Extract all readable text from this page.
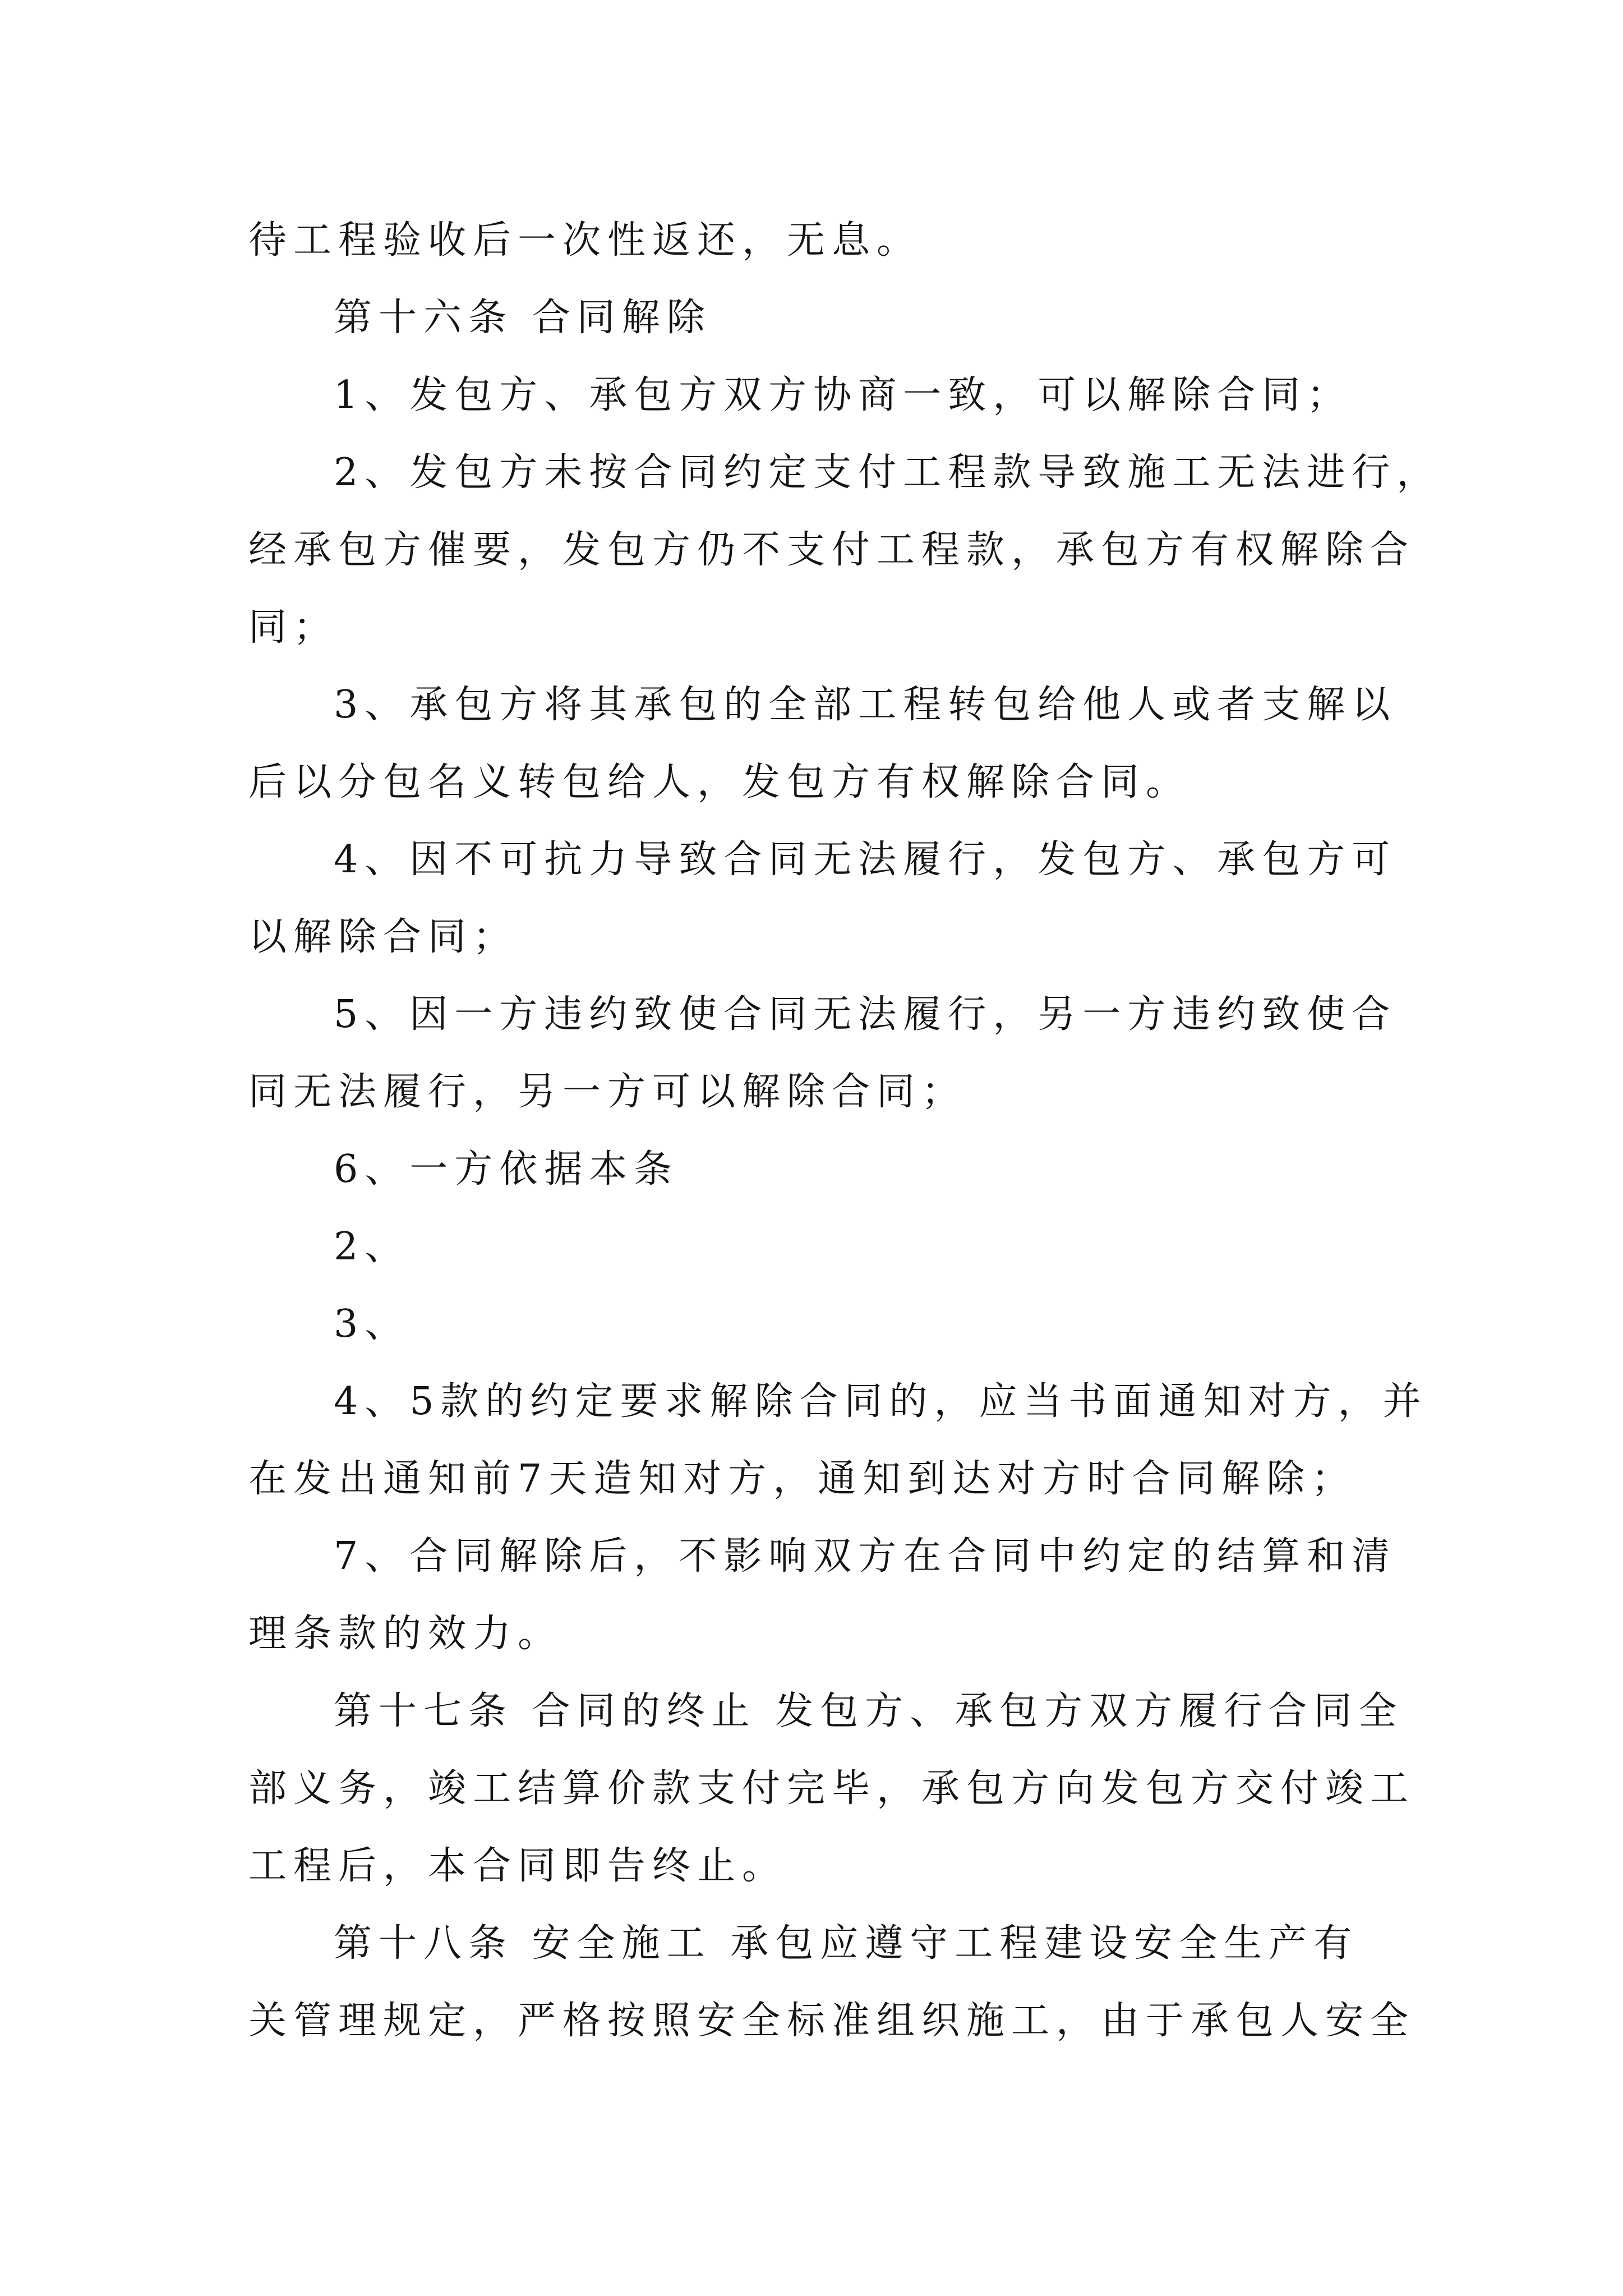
待工程验收后一次性返还，无息。
第十六条 合同解除
1、发包方、承包方双方协商一致，可以解除合同；
2、发包方未按合同约定支付工程款导致施工无法进行，
经承包方催要，发包方仍不支付工程款，承包方有权解除合
同；
3、承包方将其承包的全部工程转包给他人或者支解以
后以分包名义转包给人，发包方有权解除合同。
4、因不可抗力导致合同无法履行，发包方、承包方可
以解除合同；
5、因一方违约致使合同无法履行，另一方违约致使合
同无法履行，另一方可以解除合同；
6、一方依据本条
2、
3、
4、5款的约定要求解除合同的，应当书面通知对方，并
在发出通知前7天造知对方，通知到达对方时合同解除；
7、合同解除后，不影响双方在合同中约定的结算和清
理条款的效力。
第十七条 合同的终止 发包方、承包方双方履行合同全
部义务，竣工结算价款支付完毕，承包方向发包方交付竣工
工程后，本合同即告终止。
第十八条 安全施工 承包应遵守工程建设安全生产有
关管理规定，严格按照安全标准组织施工，由于承包人安全
